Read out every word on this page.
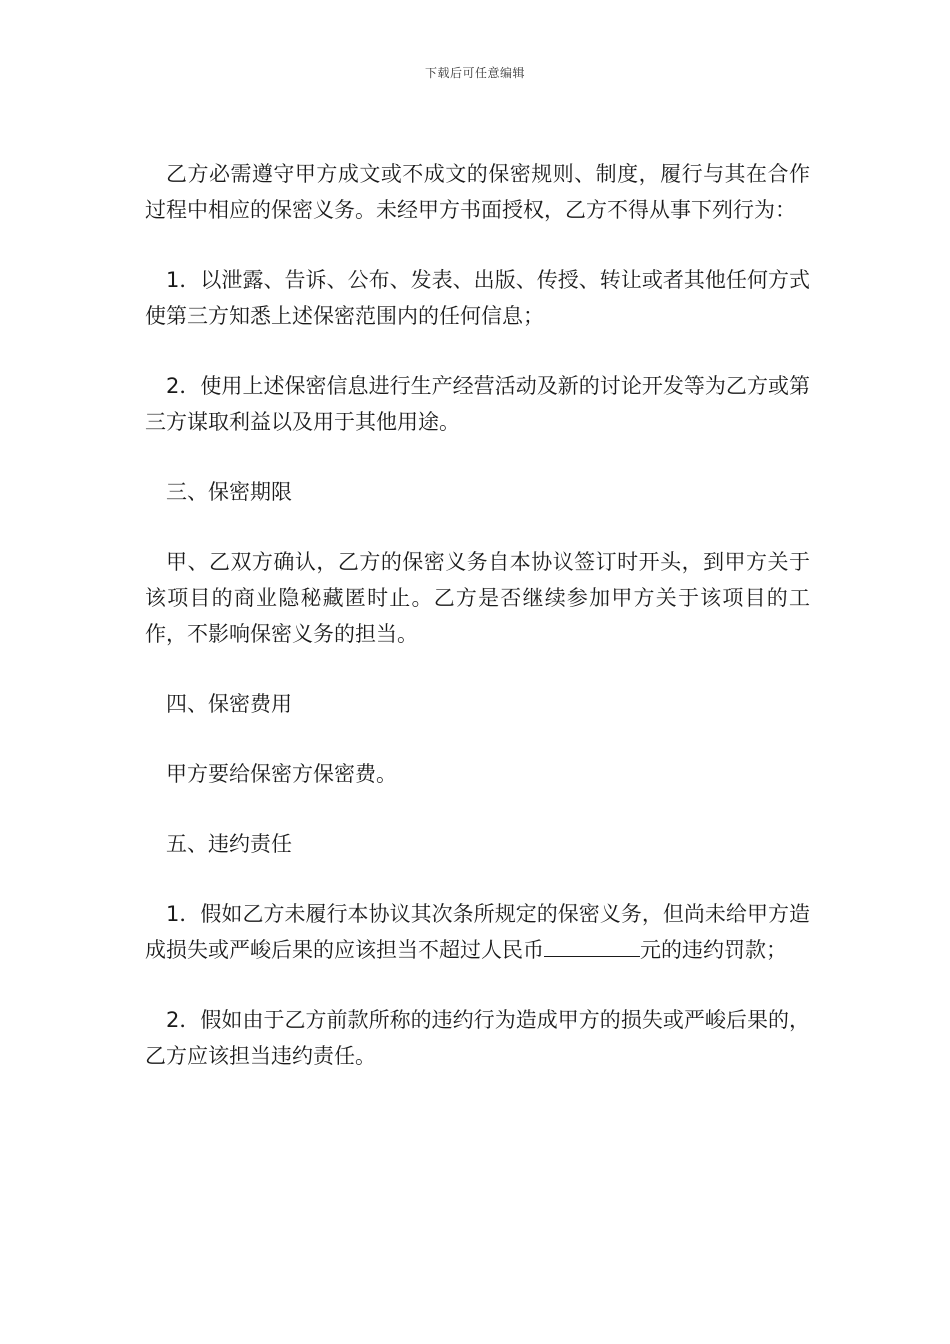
下载后可任意编辑

乙方必需遵守甲方成文或不成文的保密规则、制度，履行与其在合作过程中相应的保密义务。未经甲方书面授权，乙方不得从事下列行为：

1．以泄露、告诉、公布、发表、出版、传授、转让或者其他任何方式使第三方知悉上述保密范围内的任何信息；

2．使用上述保密信息进行生产经营活动及新的讨论开发等为乙方或第三方谋取利益以及用于其他用途。

三、保密期限

甲、乙双方确认，乙方的保密义务自本协议签订时开头，到甲方关于该项目的商业隐秘藏匿时止。乙方是否继续参加甲方关于该项目的工作，不影响保密义务的担当。

四、保密费用

甲方要给保密方保密费。

五、违约责任

1．假如乙方未履行本协议其次条所规定的保密义务，但尚未给甲方造成损失或严峻后果的应该担当不超过人民币	元的违约罚款；

2．假如由于乙方前款所称的违约行为造成甲方的损失或严峻后果的，乙方应该担当违约责任。
